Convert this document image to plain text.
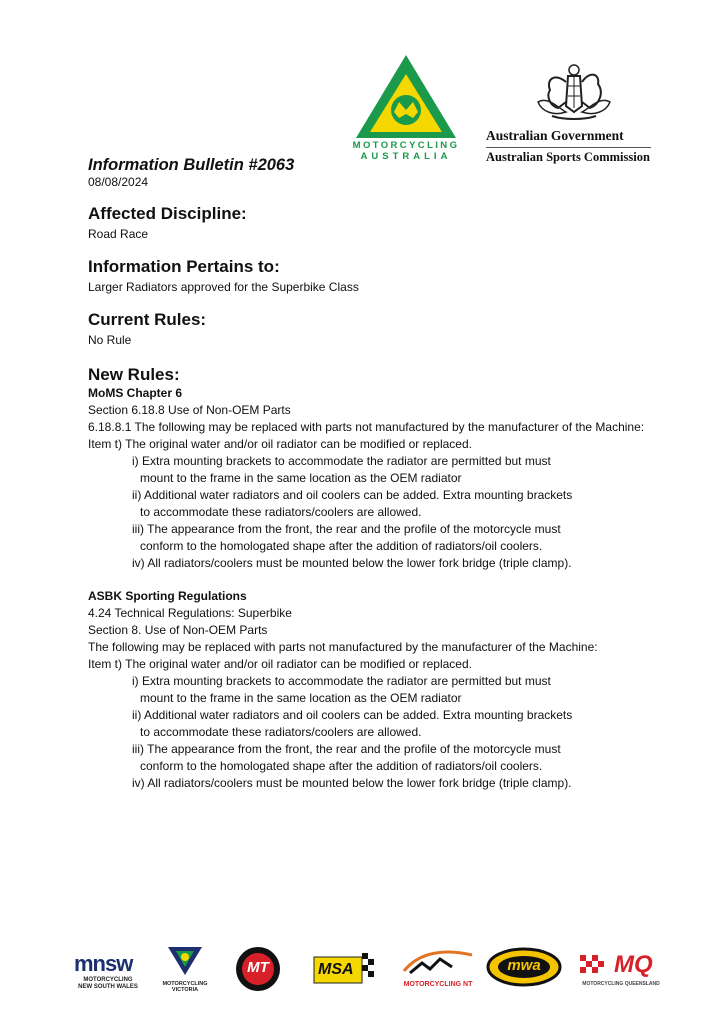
MOTORCYCLING
AUSTRALIA
Australian Government
Australian Sports Commission
Information Bulletin #2063
08/08/2024
Affected Discipline:
Road Race
Information Pertains to:
Larger Radiators approved for the Superbike Class
Current Rules:
No Rule
New Rules:
MoMS Chapter 6
Section 6.18.8 Use of Non-OEM Parts
6.18.8.1 The following may be replaced with parts not manufactured by the manufacturer of the Machine:
Item t) The original water and/or oil radiator can be modified or replaced.
i) Extra mounting brackets to accommodate the radiator are permitted but must
mount to the frame in the same location as the OEM radiator
ii) Additional water radiators and oil coolers can be added. Extra mounting brackets
to accommodate these radiators/coolers are allowed.
iii) The appearance from the front, the rear and the profile of the motorcycle must
conform to the homologated shape after the addition of radiators/oil coolers.
iv) All radiators/coolers must be mounted below the lower fork bridge (triple clamp).
ASBK Sporting Regulations
4.24 Technical Regulations: Superbike
Section 8. Use of Non-OEM Parts
The following may be replaced with parts not manufactured by the manufacturer of the Machine:
Item t) The original water and/or oil radiator can be modified or replaced.
i) Extra mounting brackets to accommodate the radiator are permitted but must
mount to the frame in the same location as the OEM radiator
ii) Additional water radiators and oil coolers can be added. Extra mounting brackets
to accommodate these radiators/coolers are allowed.
iii) The appearance from the front, the rear and the profile of the motorcycle must
conform to the homologated shape after the addition of radiators/oil coolers.
iv) All radiators/coolers must be mounted below the lower fork bridge (triple clamp).
mnsw
MOTORCYCLING
NEW SOUTH WALES	MOTORCYCLING
VICTORIA
MT	MSA
MOTORCYCLING NT
mwa	MQ
MOTORCYCLING QUEENSLAND
